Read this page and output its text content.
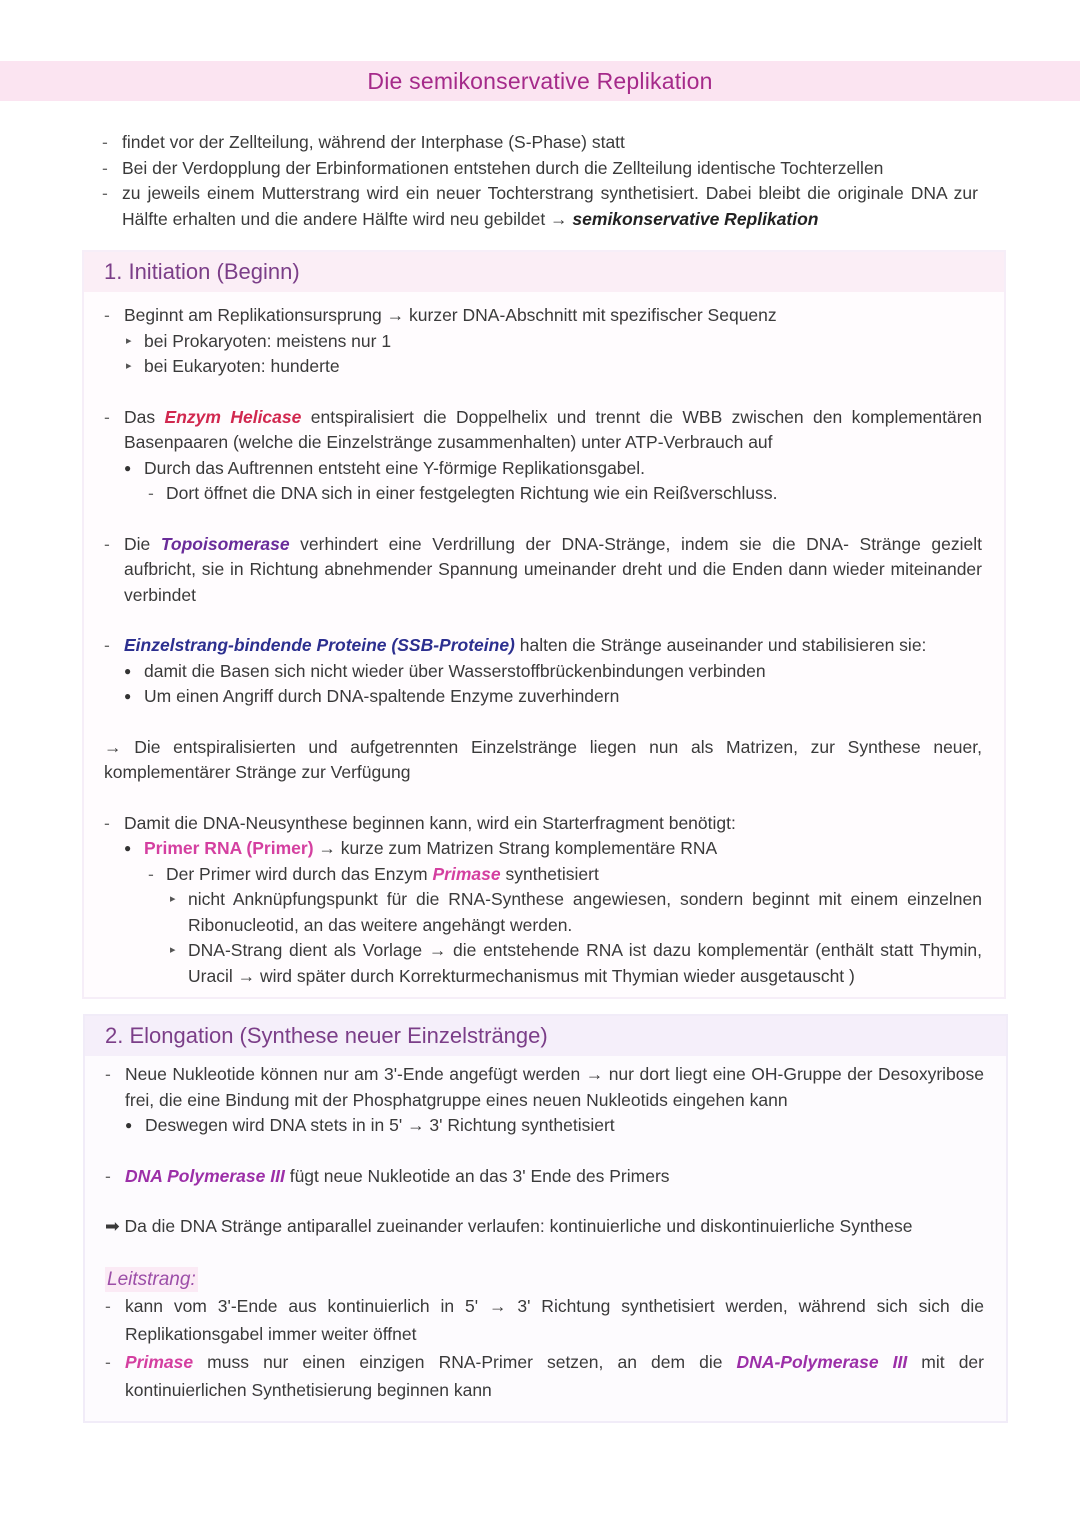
Die semikonservative Replikation
- findet vor der Zellteilung, während der Interphase (S-Phase) statt
- Bei der Verdopplung der Erbinformationen entstehen durch die Zellteilung identische Tochterzellen
- zu jeweils einem Mutterstrang wird ein neuer Tochterstrang synthetisiert. Dabei bleibt die originale DNA zur Hälfte erhalten und die andere Hälfte wird neu gebildet → semikonservative Replikation
1. Initiation (Beginn)
- Beginnt am Replikationsursprung → kurzer DNA-Abschnitt mit spezifischer Sequenz
▸ bei Prokaryoten: meistens nur 1
▸ bei Eukaryoten: hunderte
- Das Enzym Helicase entspiralisiert die Doppelhelix und trennt die WBB zwischen den komplementären Basenpaaren (welche die Einzelstränge zusammenhalten) unter ATP-Verbrauch auf
● Durch das Auftrennen entsteht eine Y-förmige Replikationsgabel.
- Dort öffnet die DNA sich in einer festgelegten Richtung wie ein Reißverschluss.
- Die Topoisomerase verhindert eine Verdrillung der DNA-Stränge, indem sie die DNA- Stränge gezielt aufbricht, sie in Richtung abnehmender Spannung umeinander dreht und die Enden dann wieder miteinander verbindet
- Einzelstrang-bindende Proteine (SSB-Proteine) halten die Stränge auseinander und stabilisieren sie:
● damit die Basen sich nicht wieder über Wasserstoffbrückenbindungen verbinden
● Um einen Angriff durch DNA-spaltende Enzyme zuverhindern
→ Die entspiralisierten und aufgetrennten Einzelstränge liegen nun als Matrizen, zur Synthese neuer, komplementärer Stränge zur Verfügung
- Damit die DNA-Neusynthese beginnen kann, wird ein Starterfragment benötigt:
● Primer RNA (Primer) → kurze zum Matrizen Strang komplementäre RNA
- Der Primer wird durch das Enzym Primase synthetisiert
▸ nicht Anknüpfungspunkt für die RNA-Synthese angewiesen, sondern beginnt mit einem einzelnen Ribonucleotid, an das weitere angehängt werden.
▸ DNA-Strang dient als Vorlage → die entstehende RNA ist dazu komplementär (enthält statt Thymin, Uracil → wird später durch Korrekturmechanismus mit Thymian wieder ausgetauscht )
2. Elongation (Synthese neuer Einzelstränge)
- Neue Nukleotide können nur am 3'-Ende angefügt werden → nur dort liegt eine OH-Gruppe der Desoxyribose frei, die eine Bindung mit der Phosphatgruppe eines neuen Nukleotids eingehen kann
● Deswegen wird DNA stets in in 5' → 3' Richtung synthetisiert
- DNA Polymerase III fügt neue Nukleotide an das 3' Ende des Primers
➡ Da die DNA Stränge antiparallel zueinander verlaufen: kontinuierliche und diskontinuierliche Synthese
Leitstrang:
- kann vom 3'-Ende aus kontinuierlich in 5' → 3' Richtung synthetisiert werden, während sich sich die Replikationsgabel immer weiter öffnet
- Primase muss nur einen einzigen RNA-Primer setzen, an dem die DNA-Polymerase III mit der kontinuierlichen Synthetisierung beginnen kann
